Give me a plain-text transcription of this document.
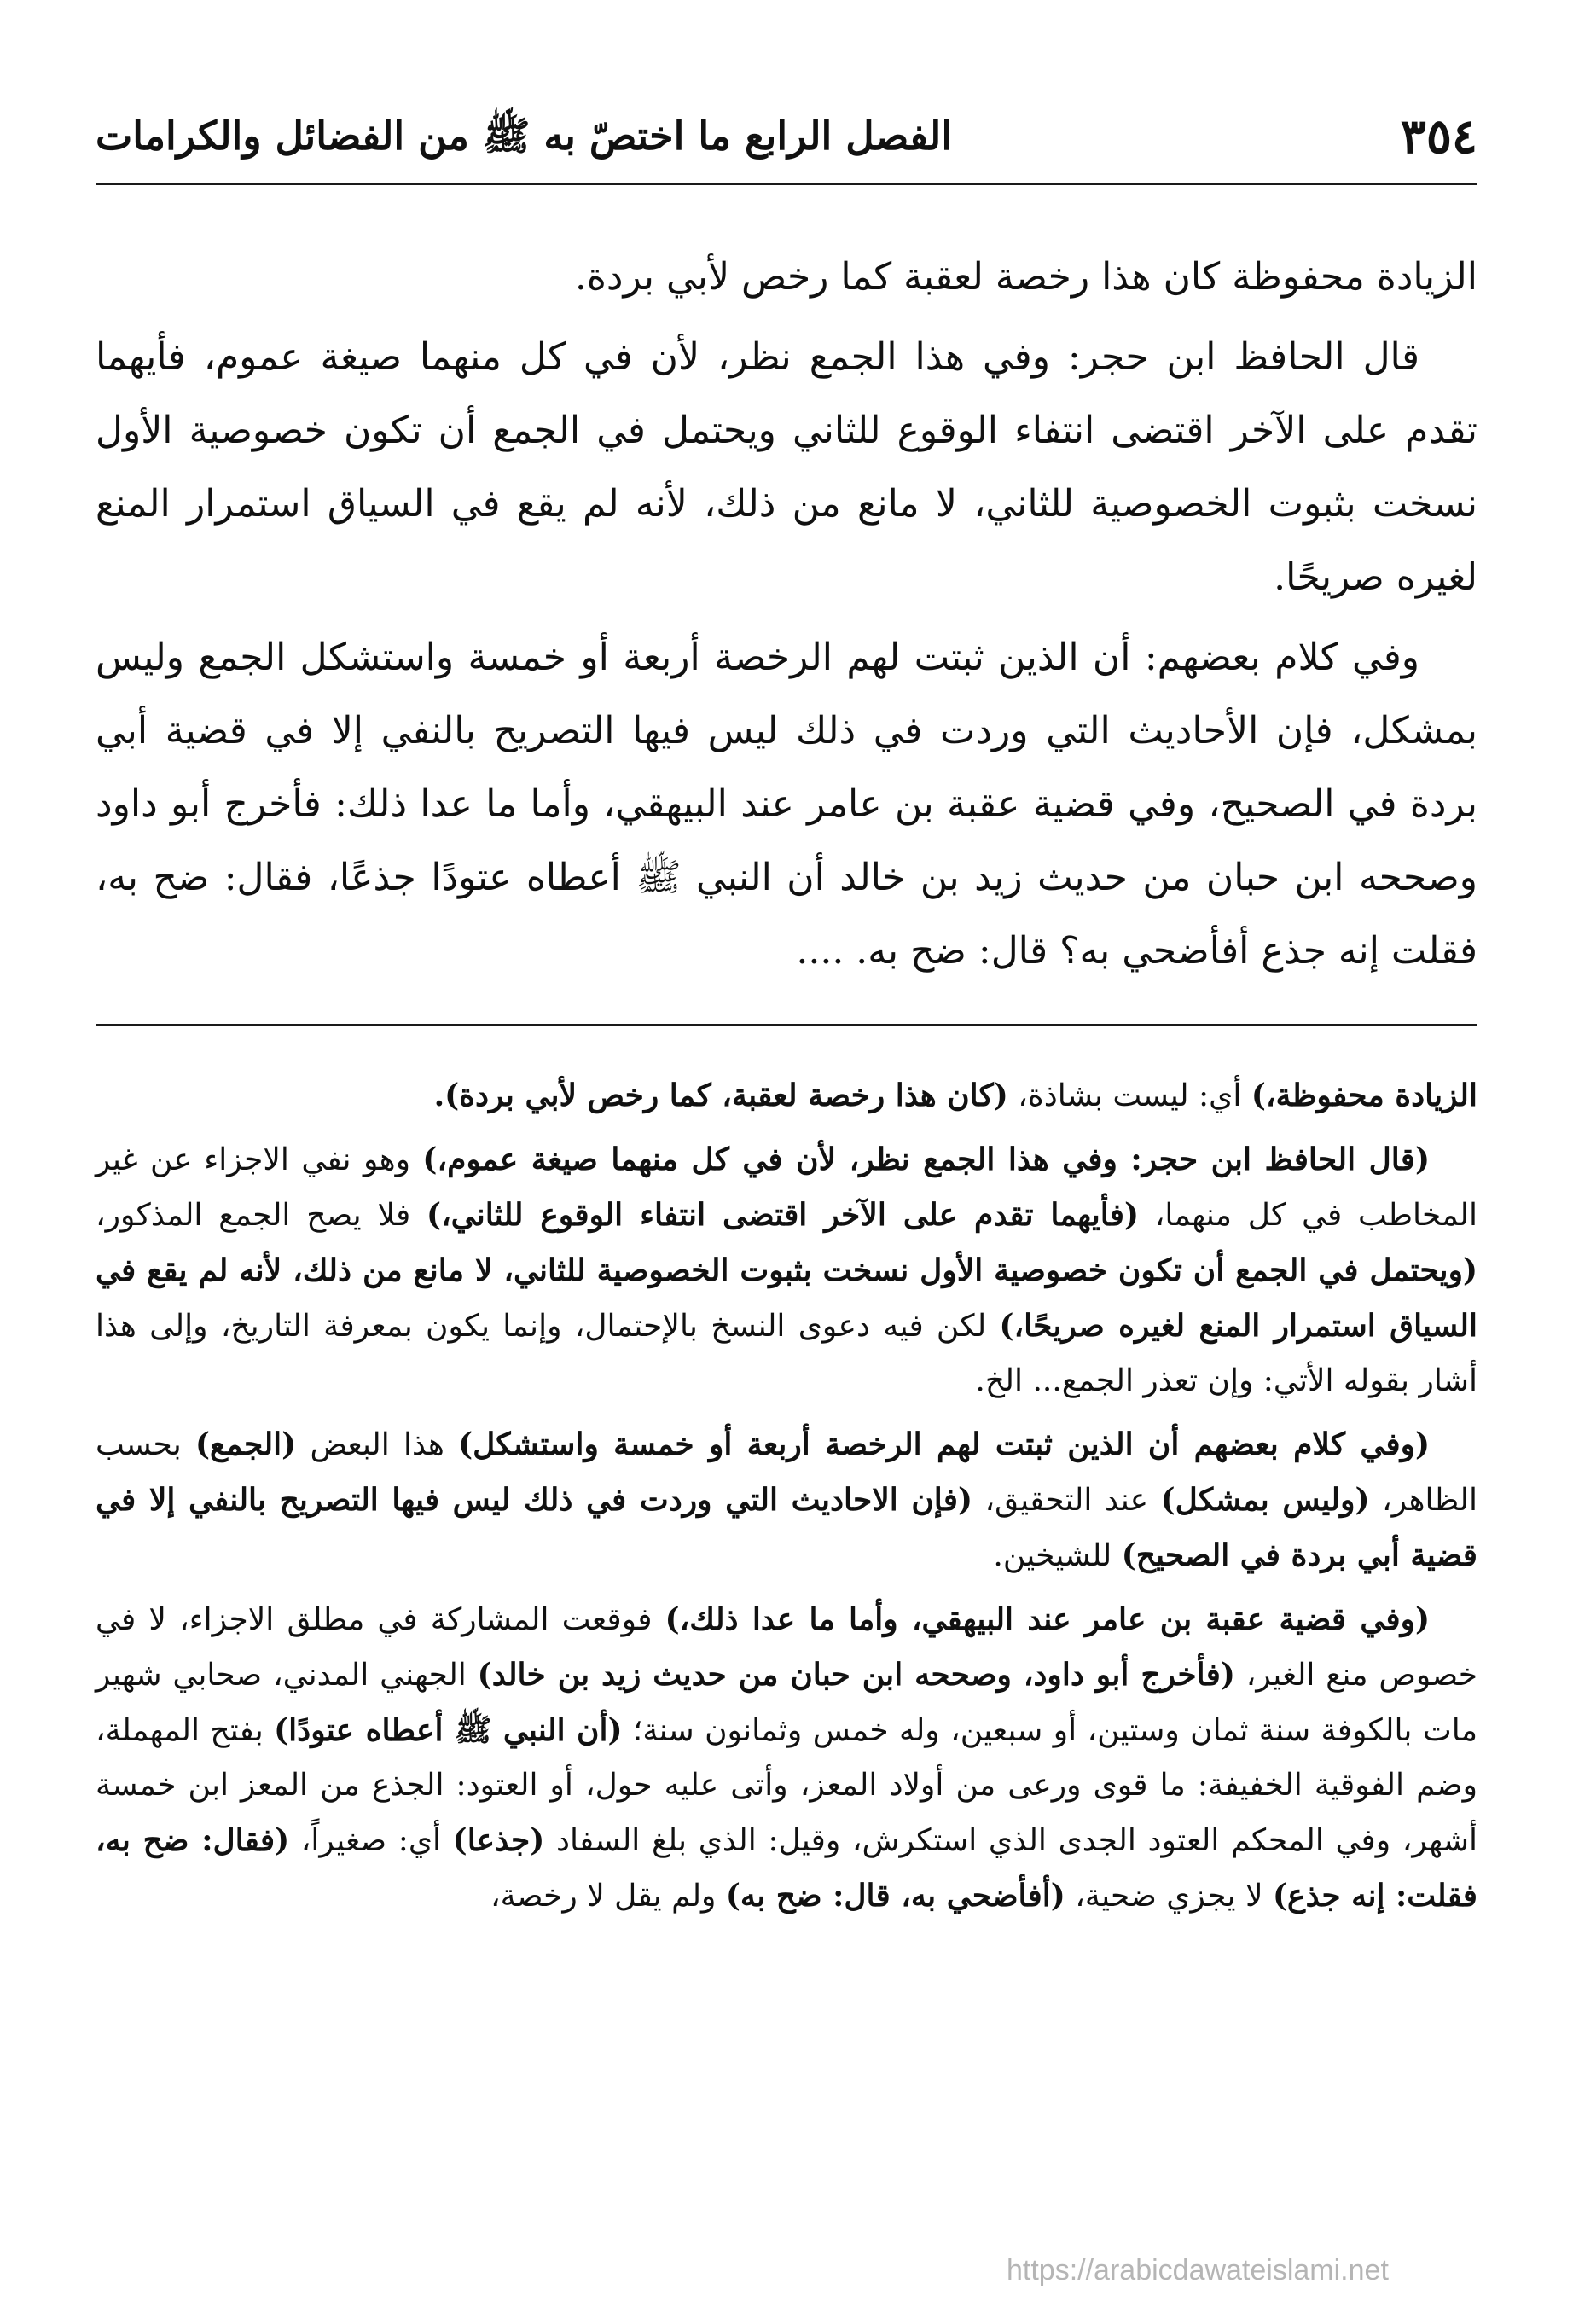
٣٥٤
الفصل الرابع ما اختصّ به ﷺ من الفضائل والكرامات

الزيادة محفوظة كان هذا رخصة لعقبة كما رخص لأبي بردة.

قال الحافظ ابن حجر: وفي هذا الجمع نظر، لأن في كل منهما صيغة عموم، فأيهما تقدم على الآخر اقتضى انتفاء الوقوع للثاني ويحتمل في الجمع أن تكون خصوصية الأول نسخت بثبوت الخصوصية للثاني، لا مانع من ذلك، لأنه لم يقع في السياق استمرار المنع لغيره صريحًا.

وفي كلام بعضهم: أن الذين ثبتت لهم الرخصة أربعة أو خمسة واستشكل الجمع وليس بمشكل، فإن الأحاديث التي وردت في ذلك ليس فيها التصريح بالنفي إلا في قضية أبي بردة في الصحيح، وفي قضية عقبة بن عامر عند البيهقي، وأما ما عدا ذلك: فأخرج أبو داود وصححه ابن حبان من حديث زيد بن خالد أن النبي ﷺ أعطاه عتودًا جذعًا، فقال: ضح به، فقلت إنه جذع أفأضحي به؟ قال: ضح به. ....

الزيادة محفوظة،) أي: ليست بشاذة، (كان هذا رخصة لعقبة، كما رخص لأبي بردة).

(قال الحافظ ابن حجر: وفي هذا الجمع نظر، لأن في كل منهما صيغة عموم،) وهو نفي الاجزاء عن غير المخاطب في كل منهما، (فأيهما تقدم على الآخر اقتضى انتفاء الوقوع للثاني،) فلا يصح الجمع المذكور، (ويحتمل في الجمع أن تكون خصوصية الأول نسخت بثبوت الخصوصية للثاني، لا مانع من ذلك، لأنه لم يقع في السياق استمرار المنع لغيره صريحًا،) لكن فيه دعوى النسخ بالإحتمال، وإنما يكون بمعرفة التاريخ، وإلى هذا أشار بقوله الأتي: وإن تعذر الجمع... الخ.

(وفي كلام بعضهم أن الذين ثبتت لهم الرخصة أربعة أو خمسة واستشكل) هذا البعض (الجمع) بحسب الظاهر، (وليس بمشكل) عند التحقيق، (فإن الاحاديث التي وردت في ذلك ليس فيها التصريح بالنفي إلا في قضية أبي بردة في الصحيح) للشيخين.

(وفي قضية عقبة بن عامر عند البيهقي، وأما ما عدا ذلك،) فوقعت المشاركة في مطلق الاجزاء، لا في خصوص منع الغير، (فأخرج أبو داود، وصححه ابن حبان من حديث زيد بن خالد) الجهني المدني، صحابي شهير مات بالكوفة سنة ثمان وستين، أو سبعين، وله خمس وثمانون سنة؛ (أن النبي ﷺ أعطاه عتودًا) بفتح المهملة، وضم الفوقية الخفيفة: ما قوى ورعى من أولاد المعز، وأتى عليه حول، أو العتود: الجذع من المعز ابن خمسة أشهر، وفي المحكم العتود الجدى الذي استكرش، وقيل: الذي بلغ السفاد (جذعا) أي: صغيراً، (فقال: ضح به، فقلت: إنه جذع) لا يجزي ضحية، (أفأضحي به، قال: ضح به) ولم يقل لا رخصة،

https://arabicdawateislami.net
